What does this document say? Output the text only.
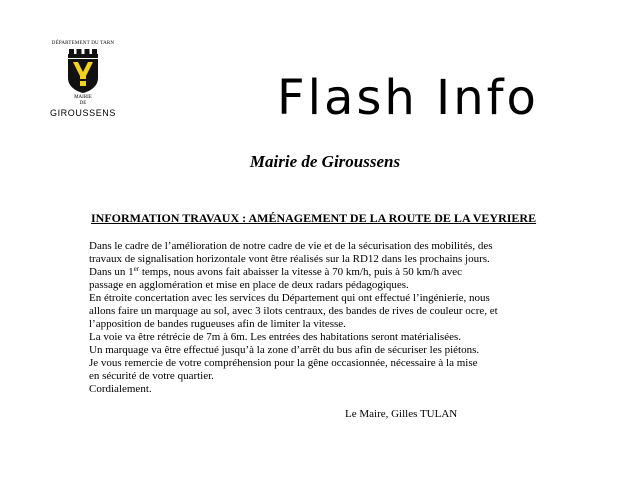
DÉPARTEMENT DU TARN
MAIRIE
DE
GIROUSSENS	Flash Info
Mairie de Giroussens
INFORMATION TRAVAUX : AMÉNAGEMENT DE LA ROUTE DE LA VEYRIERE
Dans le cadre de l’amélioration de notre cadre de vie et de la sécurisation des mobilités, des
travaux de signalisation horizontale vont être réalisés sur la RD12 dans les prochains jours.
Dans un 1er temps, nous avons fait abaisser la vitesse à 70 km/h, puis à 50 km/h avec
passage en agglomération et mise en place de deux radars pédagogiques.
En étroite concertation avec les services du Département qui ont effectué l’ingénierie, nous
allons faire un marquage au sol, avec 3 ilots centraux, des bandes de rives de couleur ocre, et
l’apposition de bandes rugueuses afin de limiter la vitesse.
La voie va être rétrécie de 7m à 6m. Les entrées des habitations seront matérialisées.
Un marquage va être effectué jusqu’à la zone d’arrêt du bus afin de sécuriser les piétons.
Je vous remercie de votre compréhension pour la gêne occasionnée, nécessaire à la mise
en sécurité de votre quartier.
Cordialement.
Le Maire, Gilles TULAN
